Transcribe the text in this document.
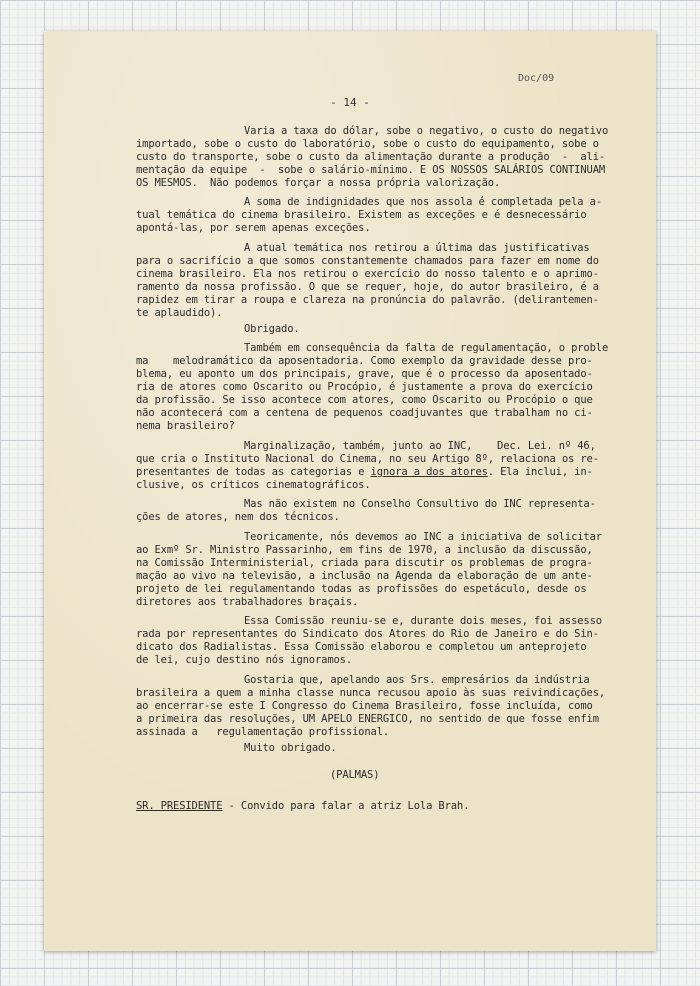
Doc/09
- 14 -
Varia a taxa do dólar, sobe o negativo, o custo do negativo
importado, sobe o custo do laboratório, sobe o custo do equipamento, sobe o
custo do transporte, sobe o custo da alimentação durante a produção  -  ali-
mentação da equipe  -  sobe o salário-mínimo. E OS NOSSOS SALÁRIOS CONTINUAM
OS MESMOS.  Não podemos forçar a nossa própria valorização.
A soma de indignidades que nos assola é completada pela a-
tual temática do cinema brasileiro. Existem as exceções e é desnecessário
apontá-las, por serem apenas exceções.
A atual temática nos retirou a última das justificativas
para o sacrifício a que somos constantemente chamados para fazer em nome do
cinema brasileiro. Ela nos retirou o exercício do nosso talento e o aprimo-
ramento da nossa profissão. O que se requer, hoje, do autor brasileiro, é a
rapidez em tirar a roupa e clareza na pronúncia do palavrão. (delirantemen-
te aplaudido).
Obrigado.
Também em consequência da falta de regulamentação, o proble
ma    melodramático da aposentadoria. Como exemplo da gravidade desse pro-
blema, eu aponto um dos principais, grave, que é o processo da aposentado-
ria de atores como Oscarito ou Procópio, é justamente a prova do exercício
da profissão. Se isso acontece com atores, como Oscarito ou Procópio o que
não acontecerá com a centena de pequenos coadjuvantes que trabalham no ci-
nema brasileiro?
Marginalização, também, junto ao INC,    Dec. Lei. nº 46,
que cria o Instituto Nacional do Cinema, no seu Artigo 8º, relaciona os re-
presentantes de todas as categorias e ignora a dos atores. Ela inclui, in-
clusive, os críticos cinematográficos.
Mas não existem no Conselho Consultivo do INC representa-
ções de atores, nem dos técnicos.
Teoricamente, nós devemos ao INC a iniciativa de solicitar
ao Exmº Sr. Ministro Passarinho, em fins de 1970, a inclusão da discussão,
na Comissão Interministerial, criada para discutir os problemas de progra-
mação ao vivo na televisão, a inclusão na Agenda da elaboração de um ante-
projeto de lei regulamentando todas as profissões do espetáculo, desde os
diretores aos trabalhadores braçais.
Essa Comissão reuniu-se e, durante dois meses, foi assesso
rada por representantes do Sindicato dos Atores do Rio de Janeiro e do Sin-
dicato dos Radialistas. Essa Comissão elaborou e completou um anteprojeto
de lei, cujo destino nós ignoramos.
Gostaria que, apelando aos Srs. empresários da indústria
brasileira a quem a minha classe nunca recusou apoio às suas reivindicações,
ao encerrar-se este I Congresso do Cinema Brasileiro, fosse incluída, como
a primeira das resoluções, UM APELO ENERGICO, no sentido de que fosse enfim
assinada a   regulamentação profissional.
Muito obrigado.
(PALMAS)
SR. PRESIDENTE - Convido para falar a atriz Lola Brah.
